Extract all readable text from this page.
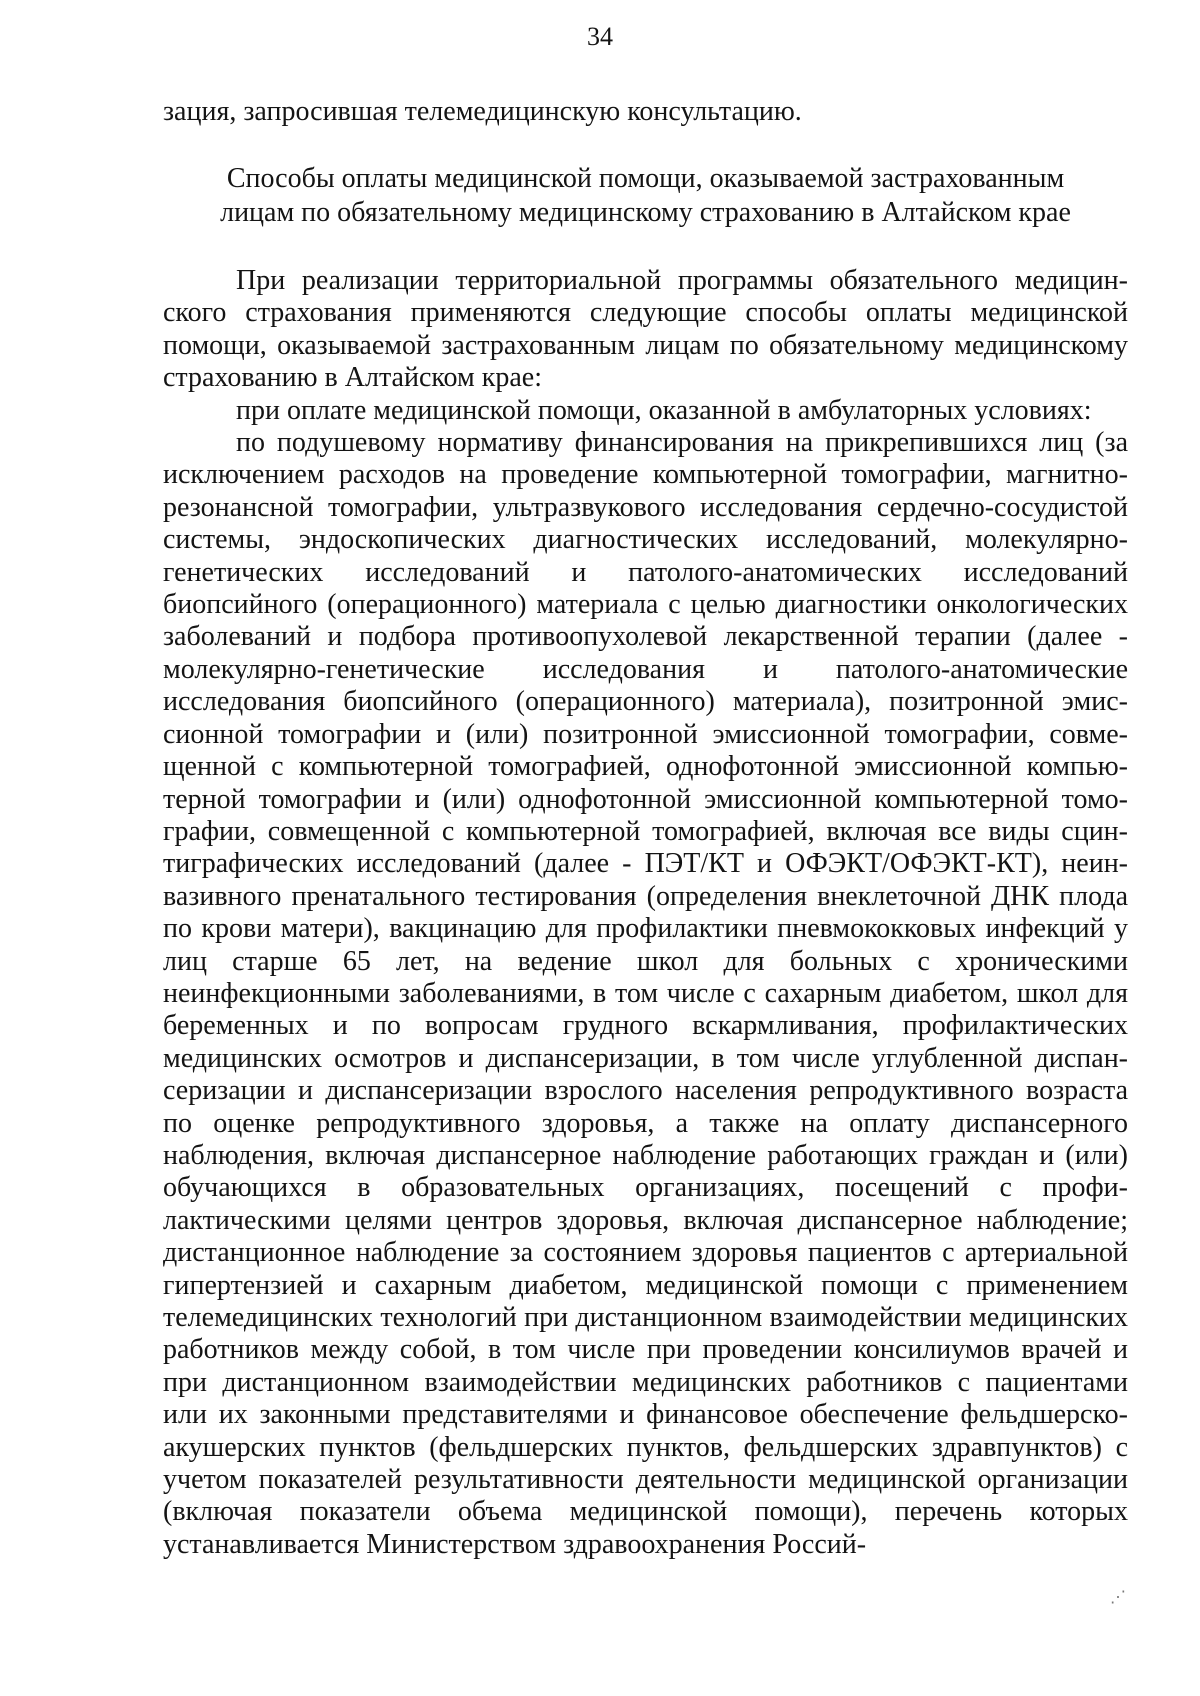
34
зация, запросившая телемедицинскую консультацию.
Способы оплаты медицинской помощи, оказываемой застрахованным
лицам по обязательному медицинскому страхованию в Алтайском крае

При реализации территориальной программы обязательного медицинского страхования применяются следующие способы оплаты медицинской помощи, оказываемой застрахованным лицам по обязательному медицинскому страхованию в Алтайском крае:

при оплате медицинской помощи, оказанной в амбулаторных условиях:

по подушевому нормативу финансирования на прикрепившихся лиц (за исключением расходов на проведение компьютерной томографии, магнитно-резонансной томографии, ультразвукового исследования сердечно-сосудистой системы, эндоскопических диагностических исследований, молекулярно-генетических исследований и патолого-анатомических исследований биопсийного (операционного) материала с целью диагностики онкологических заболеваний и подбора противоопухолевой лекарственной терапии (далее - молекулярно-генетические исследования и патолого-анатомические исследования биопсийного (операционного) материала), позитронной эмиссионной томографии и (или) позитронной эмиссионной томографии, совмещенной с компьютерной томографией, однофотонной эмиссионной компьютерной томографии и (или) однофотонной эмиссионной компьютерной томографии, совмещенной с компьютерной томографией, включая все виды сцинтиграфических исследований (далее - ПЭТ/КТ и ОФЭКТ/ОФЭКТ-КТ), неинвазивного пренатального тестирования (определения внеклеточной ДНК плода по крови матери), вакцинацию для профилактики пневмококковых инфекций у лиц старше 65 лет, на ведение школ для больных с хроническими неинфекционными заболеваниями, в том числе с сахарным диабетом, школ для беременных и по вопросам грудного вскармливания, профилактических медицинских осмотров и диспансеризации, в том числе углубленной диспансеризации и диспансеризации взрослого населения репродуктивного возраста по оценке репродуктивного здоровья, а также на оплату диспансерного наблюдения, включая диспансерное наблюдение работающих граждан и (или) обучающихся в образовательных организациях, посещений с профилактическими целями центров здоровья, включая диспансерное наблюдение; дистанционное наблюдение за состоянием здоровья пациентов с артериальной гипертензией и сахарным диабетом, медицинской помощи с применением телемедицинских технологий при дистанционном взаимодействии медицинских работников между собой, в том числе при проведении консилиумов врачей и при дистанционном взаимодействии медицинских работников с пациентами или их законными представителями и финансовое обеспечение фельдшерско-акушерских пунктов (фельдшерских пунктов, фельдшерских здравпунктов) с учетом показателей результативности деятельности медицинской организации (включая показатели объема медицинской помощи), перечень которых устанавливается Министерством здравоохранения Россий-

⋰
